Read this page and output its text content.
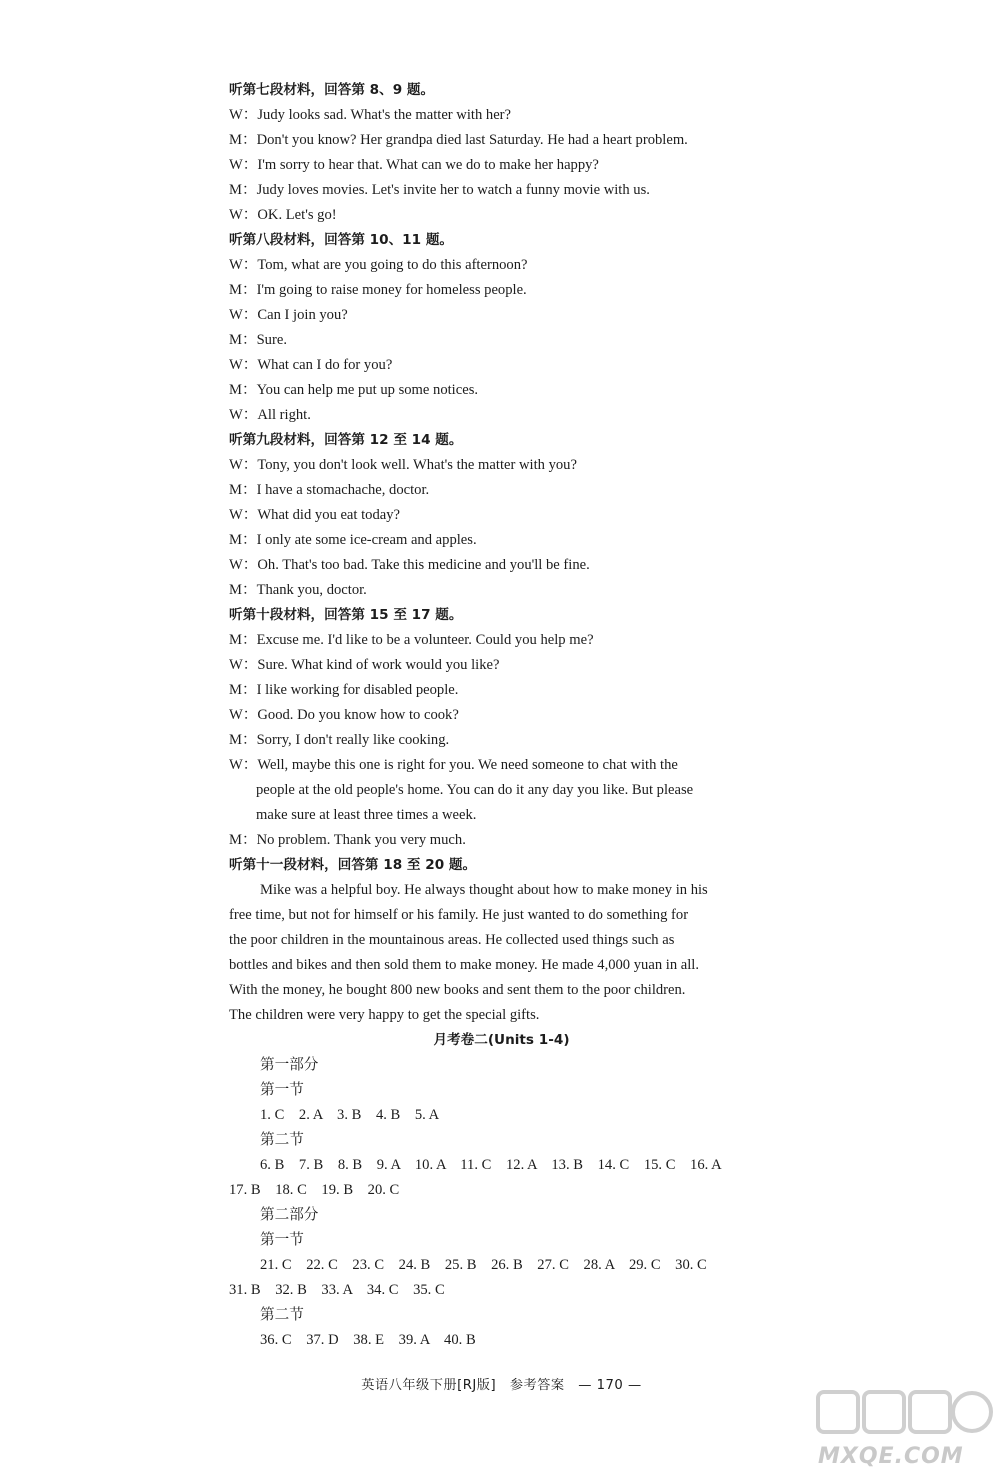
听第七段材料，回答第 8、9 题。
W：Judy looks sad. What's the matter with her?
M：Don't you know? Her grandpa died last Saturday. He had a heart problem.
W：I'm sorry to hear that. What can we do to make her happy?
M：Judy loves movies. Let's invite her to watch a funny movie with us.
W：OK. Let's go!
听第八段材料，回答第 10、11 题。
W：Tom, what are you going to do this afternoon?
M：I'm going to raise money for homeless people.
W：Can I join you?
M：Sure.
W：What can I do for you?
M：You can help me put up some notices.
W：All right.
听第九段材料，回答第 12 至 14 题。
W：Tony, you don't look well. What's the matter with you?
M：I have a stomachache, doctor.
W：What did you eat today?
M：I only ate some ice-cream and apples.
W：Oh. That's too bad. Take this medicine and you'll be fine.
M：Thank you, doctor.
听第十段材料，回答第 15 至 17 题。
M：Excuse me. I'd like to be a volunteer. Could you help me?
W：Sure. What kind of work would you like?
M：I like working for disabled people.
W：Good. Do you know how to cook?
M：Sorry, I don't really like cooking.
W：Well, maybe this one is right for you. We need someone to chat with the
people at the old people's home. You can do it any day you like. But please
make sure at least three times a week.
M：No problem. Thank you very much.
听第十一段材料，回答第 18 至 20 题。
Mike was a helpful boy. He always thought about how to make money in his
free time, but not for himself or his family. He just wanted to do something for
the poor children in the mountainous areas. He collected used things such as
bottles and bikes and then sold them to make money. He made 4,000 yuan in all.
With the money, he bought 800 new books and sent them to the poor children.
The children were very happy to get the special gifts.
月考卷二(Units 1-4)
第一部分
第一节
1. C　2. A　3. B　4. B　5. A
第二节
6. B　7. B　8. B　9. A　10. A　11. C　12. A　13. B　14. C　15. C　16. A
17. B　18. C　19. B　20. C
第二部分
第一节
21. C　22. C　23. C　24. B　25. B　26. B　27. C　28. A　29. C　30. C
31. B　32. B　33. A　34. C　35. C
第二节
36. C　37. D　38. E　39. A　40. B
英语八年级下册[RJ版]　参考答案　— 170 —
MXQE.COM
